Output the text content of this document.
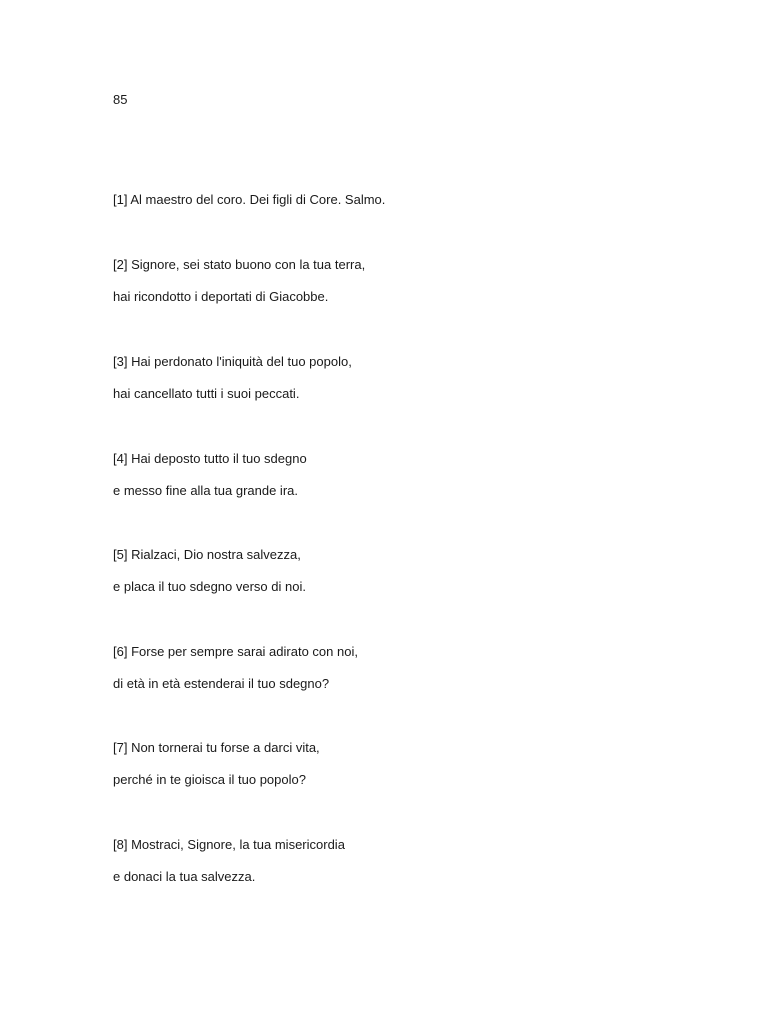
85

[1] Al maestro del coro. Dei figli di Core. Salmo.

[2] Signore, sei stato buono con la tua terra,

hai ricondotto i deportati di Giacobbe.

[3] Hai perdonato l'iniquità del tuo popolo,

hai cancellato tutti i suoi peccati.

[4] Hai deposto tutto il tuo sdegno

e messo fine alla tua grande ira.

[5] Rialzaci, Dio nostra salvezza,

e placa il tuo sdegno verso di noi.

[6] Forse per sempre sarai adirato con noi,

di età in età estenderai il tuo sdegno?

[7] Non tornerai tu forse a darci vita,

perché in te gioisca il tuo popolo?

[8] Mostraci, Signore, la tua misericordia

e donaci la tua salvezza.
